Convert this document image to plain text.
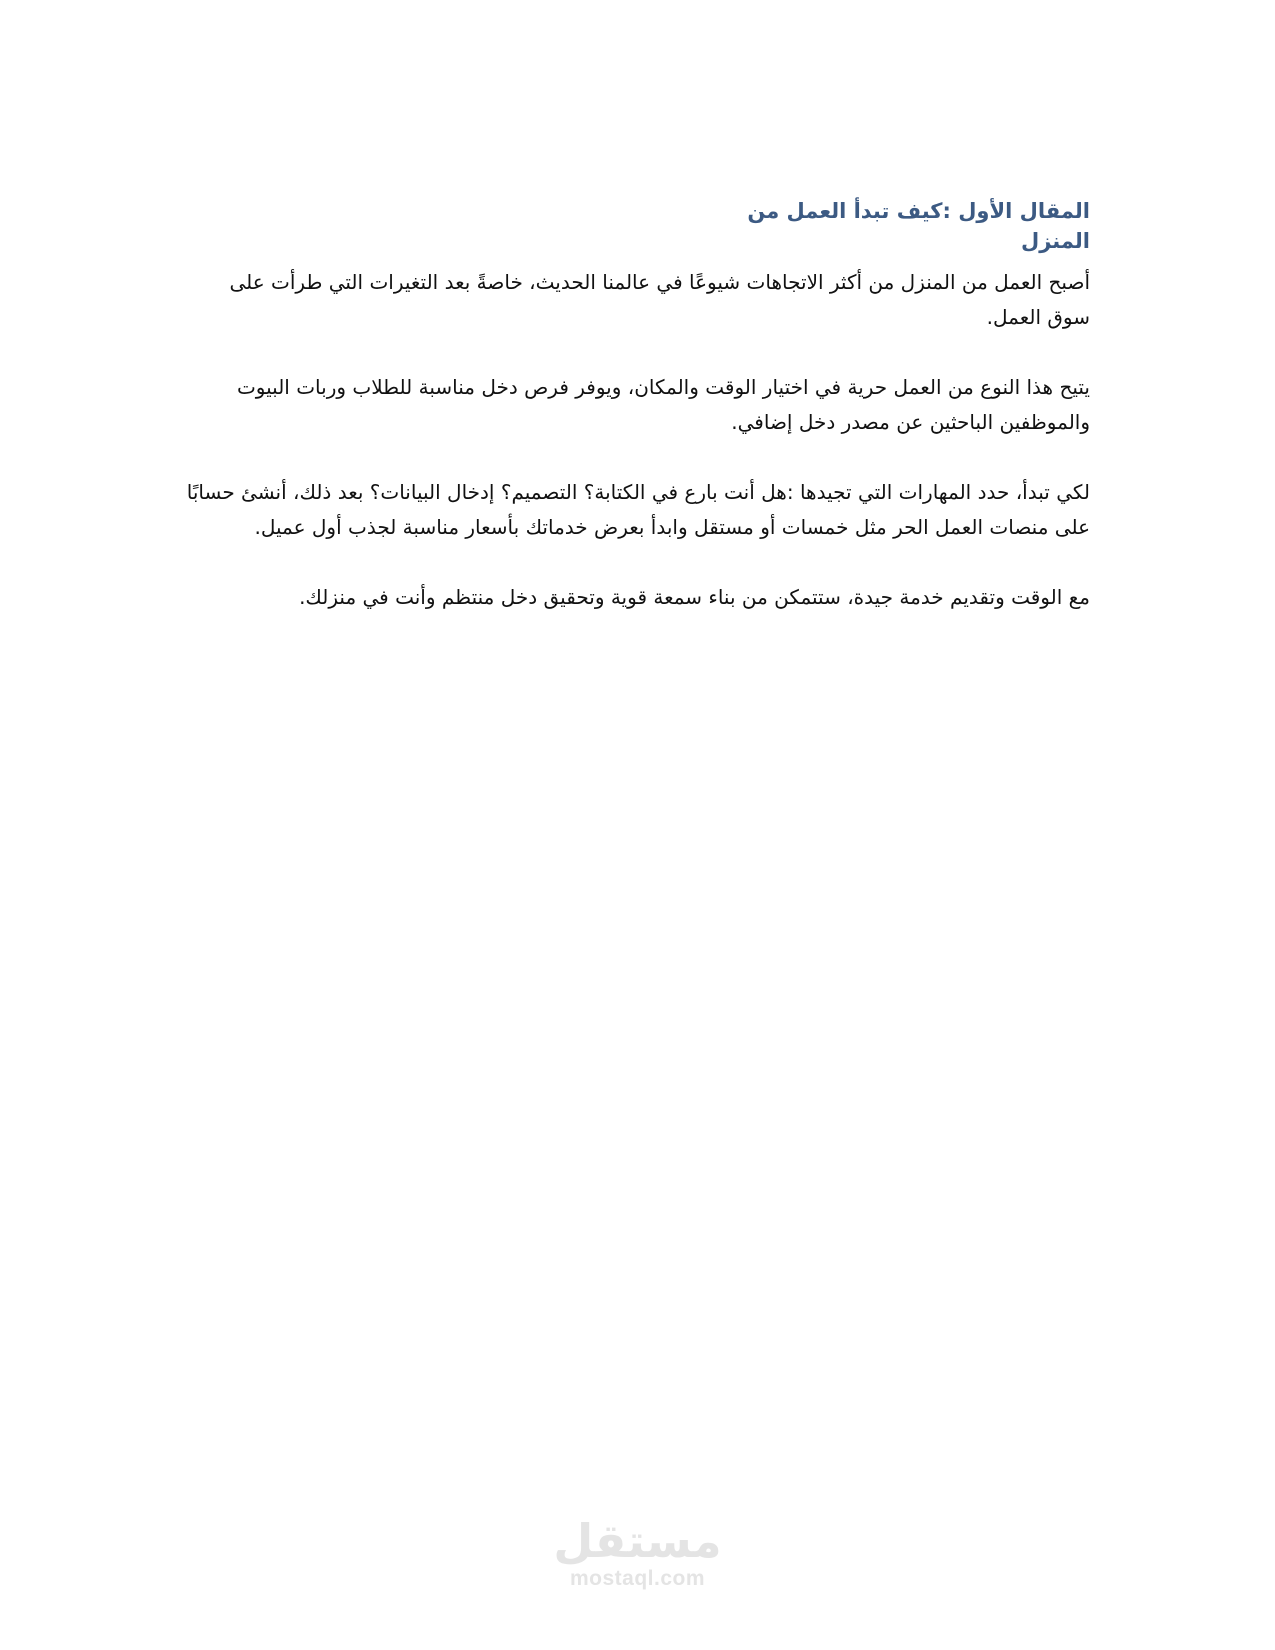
المقال الأول :كيف تبدأ العمل من المنزل

أصبح العمل من المنزل من أكثر الاتجاهات شيوعًا في عالمنا الحديث، خاصةً بعد التغيرات التي طرأت على سوق العمل.

يتيح هذا النوع من العمل حرية في اختيار الوقت والمكان، ويوفر فرص دخل مناسبة للطلاب وربات البيوت والموظفين الباحثين عن مصدر دخل إضافي.

لكي تبدأ، حدد المهارات التي تجيدها :هل أنت بارع في الكتابة؟ التصميم؟ إدخال البيانات؟ بعد ذلك، أنشئ حسابًا على منصات العمل الحر مثل خمسات أو مستقل وابدأ بعرض خدماتك بأسعار مناسبة لجذب أول عميل.

مع الوقت وتقديم خدمة جيدة، ستتمكن من بناء سمعة قوية وتحقيق دخل منتظم وأنت في منزلك.

مستقل
mostaql.com
